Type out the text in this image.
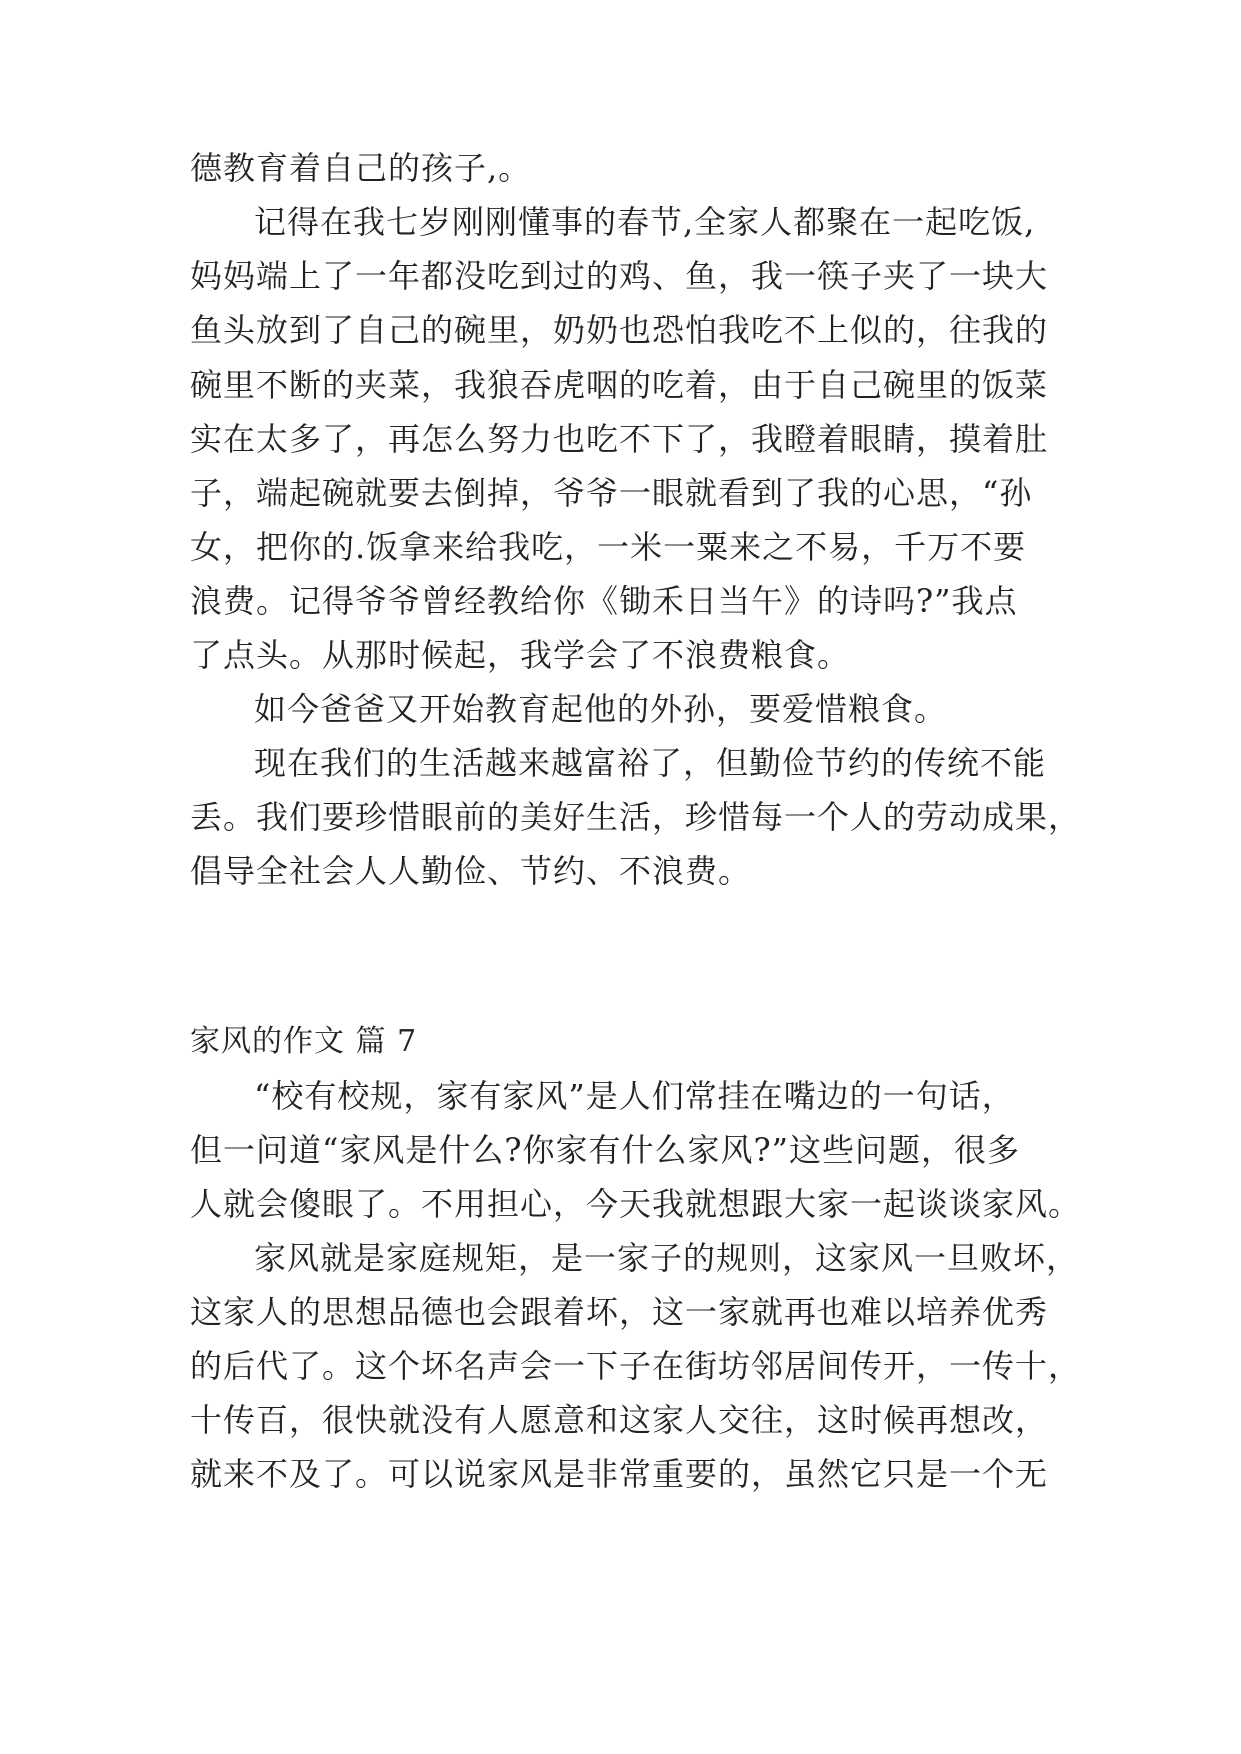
德教育着自己的孩子,。
记得在我七岁刚刚懂事的春节,全家人都聚在一起吃饭,
妈妈端上了一年都没吃到过的鸡、鱼，我一筷子夹了一块大
鱼头放到了自己的碗里，奶奶也恐怕我吃不上似的，往我的
碗里不断的夹菜，我狼吞虎咽的吃着，由于自己碗里的饭菜
实在太多了，再怎么努力也吃不下了，我瞪着眼睛，摸着肚
子，端起碗就要去倒掉，爷爷一眼就看到了我的心思，“孙
女，把你的.饭拿来给我吃，一米一粟来之不易，千万不要
浪费。记得爷爷曾经教给你《锄禾日当午》的诗吗?”我点
了点头。从那时候起，我学会了不浪费粮食。
如今爸爸又开始教育起他的外孙，要爱惜粮食。
现在我们的生活越来越富裕了，但勤俭节约的传统不能
丢。我们要珍惜眼前的美好生活，珍惜每一个人的劳动成果，
倡导全社会人人勤俭、节约、不浪费。
家风的作文 篇 7
“校有校规，家有家风”是人们常挂在嘴边的一句话，
但一问道“家风是什么?你家有什么家风?”这些问题，很多
人就会傻眼了。不用担心，今天我就想跟大家一起谈谈家风。
家风就是家庭规矩，是一家子的规则，这家风一旦败坏，
这家人的思想品德也会跟着坏，这一家就再也难以培养优秀
的后代了。这个坏名声会一下子在街坊邻居间传开，一传十，
十传百，很快就没有人愿意和这家人交往，这时候再想改，
就来不及了。可以说家风是非常重要的，虽然它只是一个无
